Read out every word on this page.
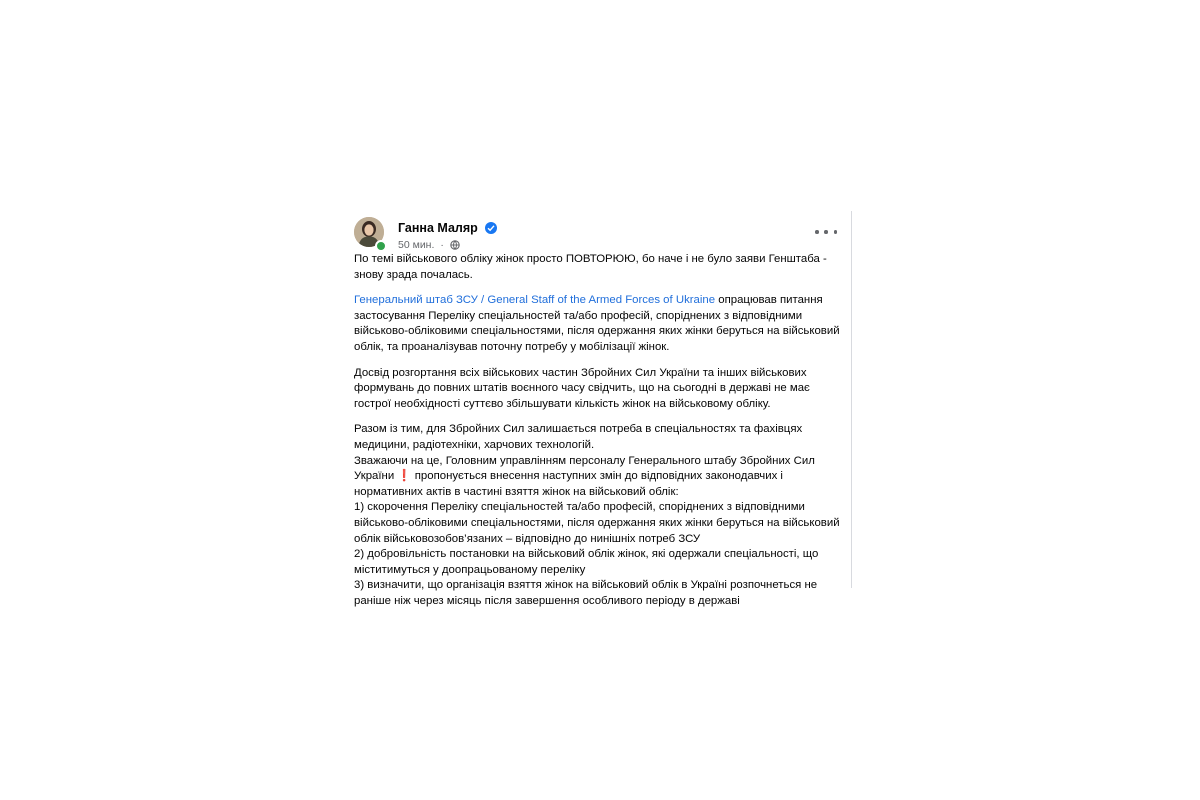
Ганна Маляр
50 мин. ·

По темі військового обліку жінок просто ПОВТОРЮЮ, бо наче і не було заяви Генштаба -
знову зрада почалась.

Генеральний штаб ЗСУ / General Staff of the Armed Forces of Ukraine опрацював питання
застосування Переліку спеціальностей та/або професій, споріднених з відповідними
військово-обліковими спеціальностями, після одержання яких жінки беруться на військовий
облік, та проаналізував поточну потребу у мобілізації жінок.

Досвід розгортання всіх військових частин Збройних Сил України та інших військових
формувань до повних штатів воєнного часу свідчить, що на сьогодні в державі не має
гострої необхідності суттєво збільшувати кількість жінок на військовому обліку.

Разом із тим, для Збройних Сил залишається потреба в спеціальностях та фахівцях
медицини, радіотехніки, харчових технологій.
Зважаючи на це, Головним управлінням персоналу Генерального штабу Збройних Сил
України ❗ пропонується внесення наступних змін до відповідних законодавчих і
нормативних актів в частині взяття жінок на військовий облік:
1) скорочення Переліку спеціальностей та/або професій, споріднених з відповідними
військово-обліковими спеціальностями, після одержання яких жінки беруться на військовий
облік військовозобов’язаних – відповідно до нинішніх потреб ЗСУ
2) добровільність постановки на військовий облік жінок, які одержали спеціальності, що
міститимуться у доопрацьованому переліку
3) визначити, що організація взяття жінок на військовий облік в Україні розпочнеться не
раніше ніж через місяць після завершення особливого періоду в державі
